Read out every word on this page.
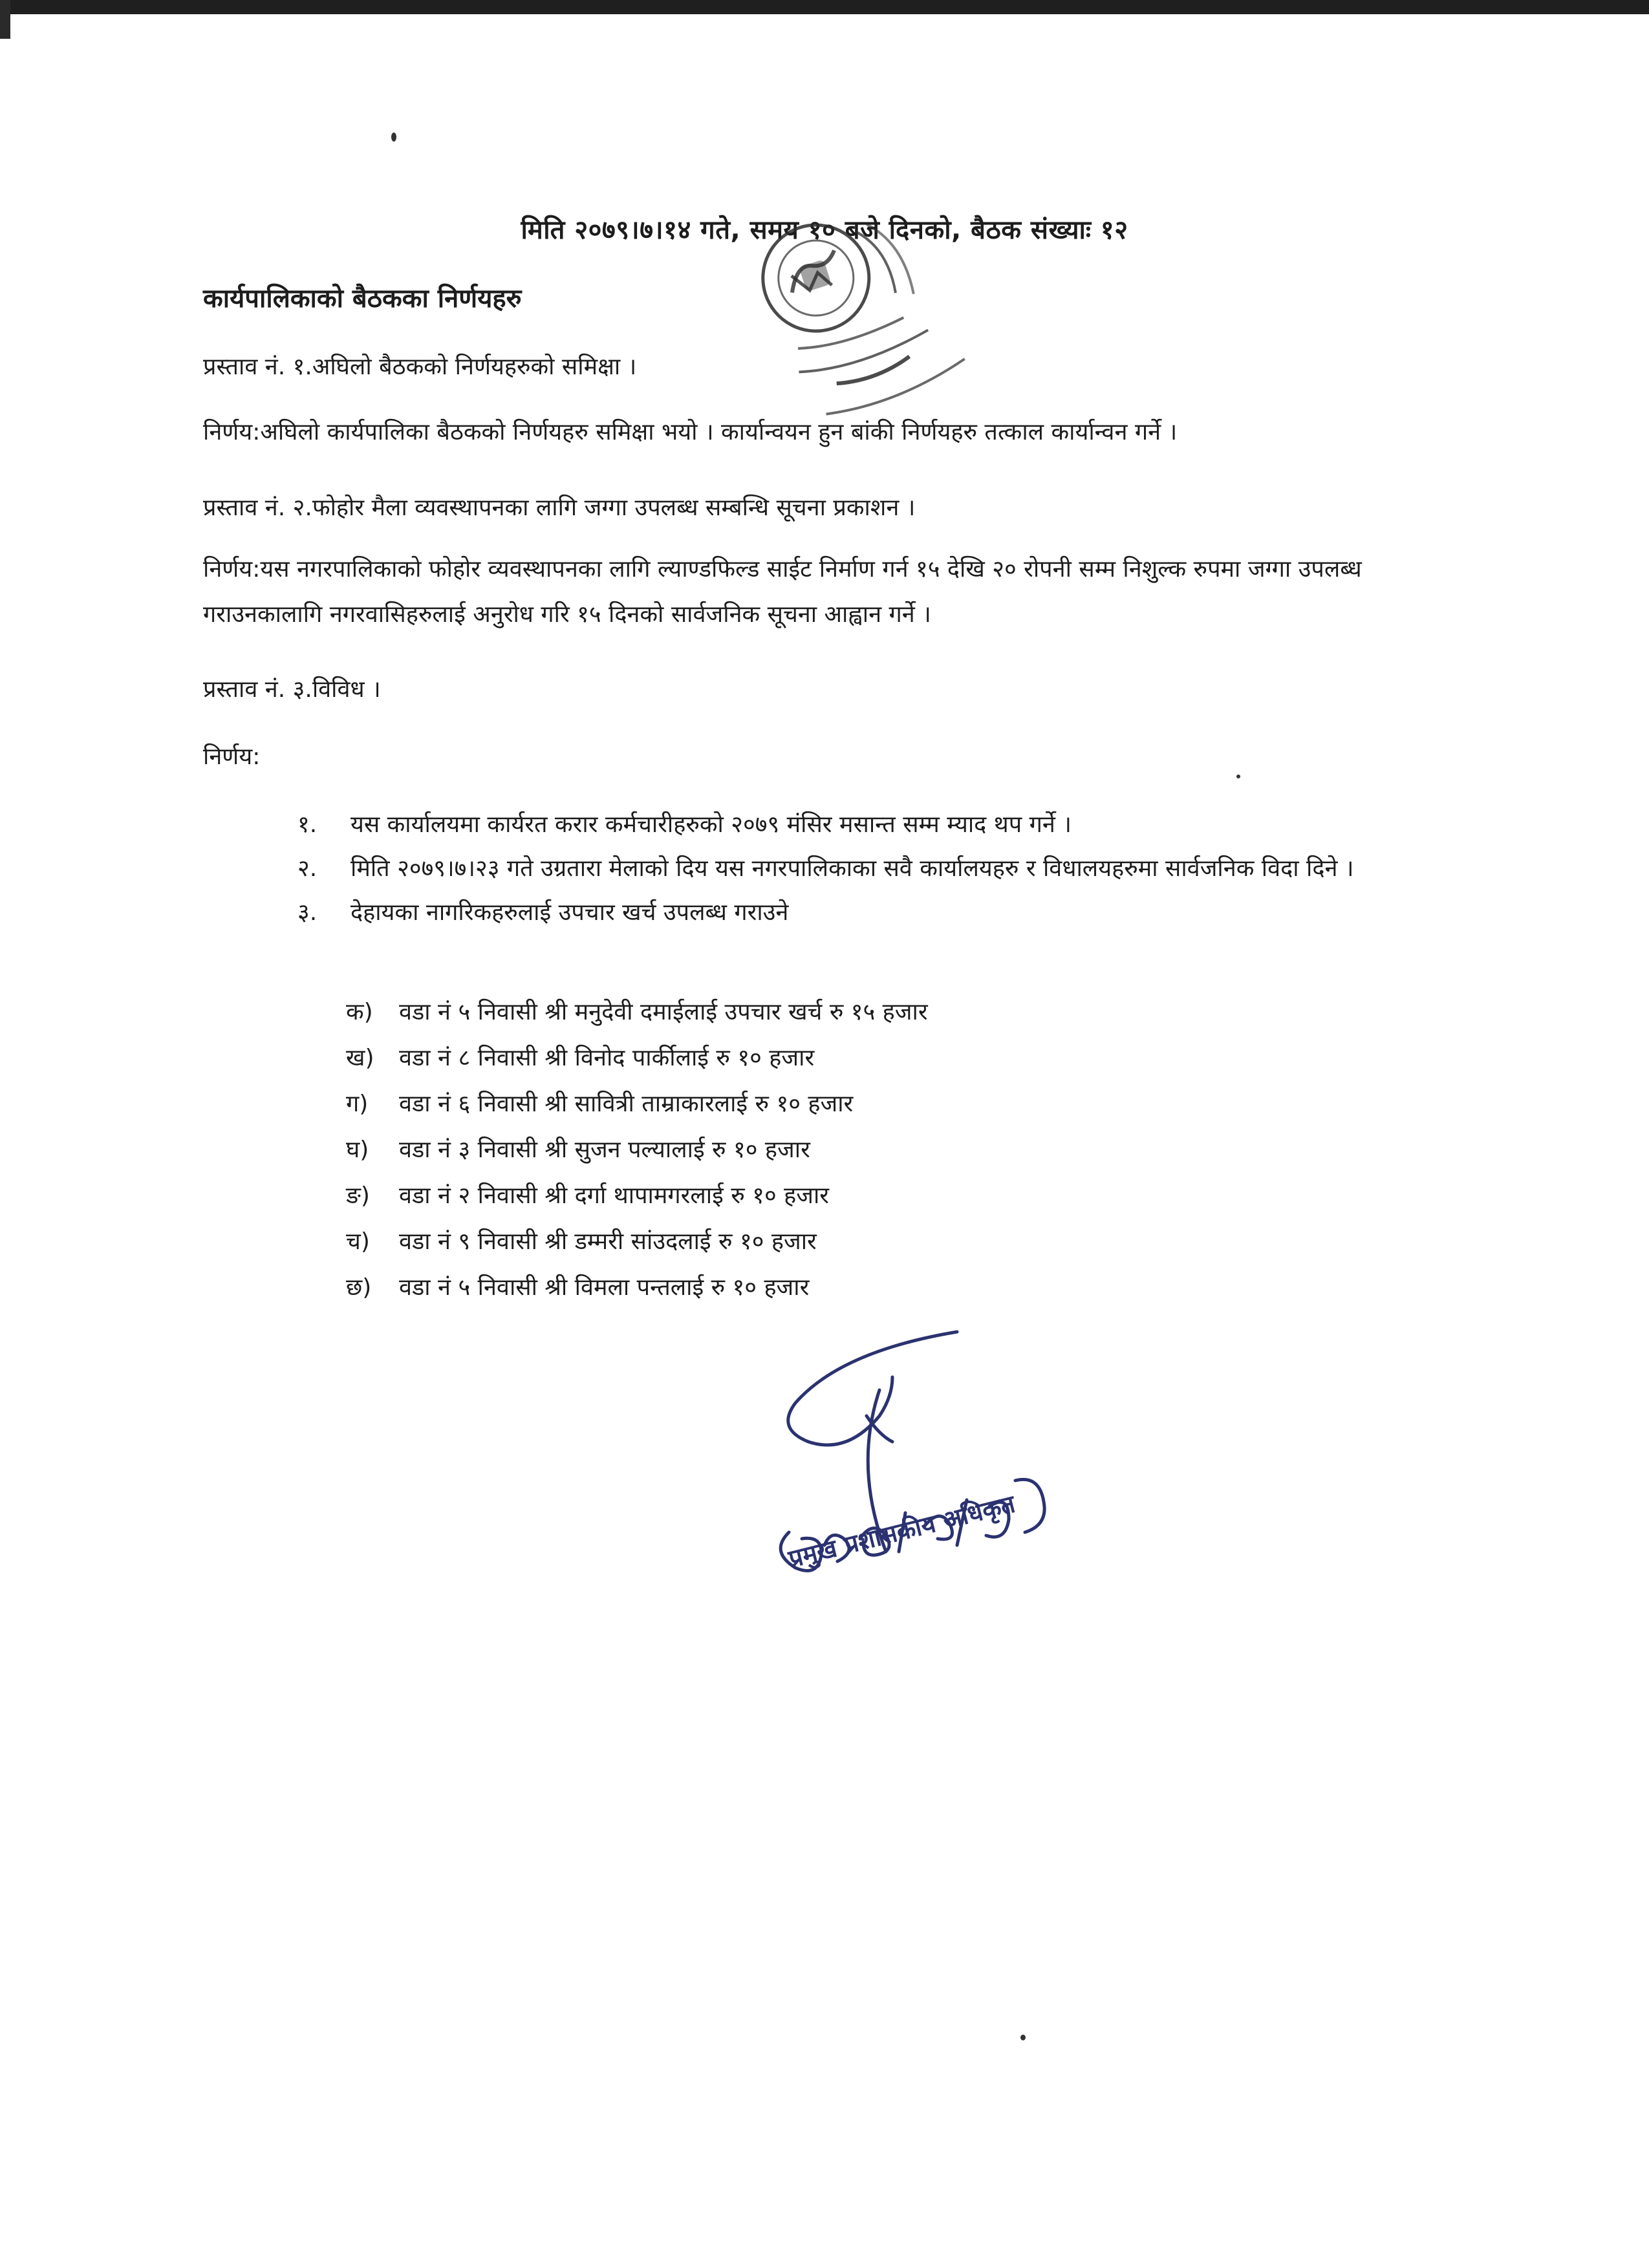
मिति २०७९।७।१४ गते, समय १० बजे दिनको, बैठक संख्याः १२
कार्यपालिकाको बैठकका निर्णयहरु
प्रस्ताव नं. १.अघिलो बैठकको निर्णयहरुको समिक्षा ।
निर्णय:अघिलो कार्यपालिका बैठकको निर्णयहरु समिक्षा भयो । कार्यान्वयन हुन बांकी निर्णयहरु तत्काल कार्यान्वन गर्ने ।
प्रस्ताव नं. २.फोहोर मैला व्यवस्थापनका लागि जग्गा उपलब्ध सम्बन्धि सूचना प्रकाशन ।
निर्णय:यस नगरपालिकाको फोहोर व्यवस्थापनका लागि ल्याण्डफिल्ड साईट निर्माण गर्न १५ देखि २० रोपनी सम्म निशुल्क रुपमा जग्गा उपलब्ध गराउनकालागि नगरवासिहरुलाई अनुरोध गरि १५ दिनको सार्वजनिक सूचना आह्वान गर्ने ।
प्रस्ताव नं. ३.विविध ।
निर्णय:
१. यस कार्यालयमा कार्यरत करार कर्मचारीहरुको २०७९ मंसिर मसान्त सम्म म्याद थप गर्ने ।
२. मिति २०७९।७।२३ गते उग्रतारा मेलाको दिय यस नगरपालिकाका सवै कार्यालयहरु र विधालयहरुमा सार्वजनिक विदा दिने ।
३. देहायका नागरिकहरुलाई उपचार खर्च उपलब्ध गराउने
क) वडा नं ५ निवासी श्री मनुदेवी दमाईलाई उपचार खर्च रु १५ हजार
ख) वडा नं ८ निवासी श्री विनोद पार्कीलाई रु १० हजार
ग) वडा नं ६ निवासी श्री सावित्री ताम्राकारलाई रु १० हजार
घ) वडा नं ३ निवासी श्री सुजन पल्यालाई रु १० हजार
ङ) वडा नं २ निवासी श्री दर्गा थापामगरलाई रु १० हजार
च) वडा नं ९ निवासी श्री डम्मरी सांउदलाई रु १० हजार
छ) वडा नं ५ निवासी श्री विमला पन्तलाई रु १० हजार
प्रमुख प्रशासकीय अधिकृत
